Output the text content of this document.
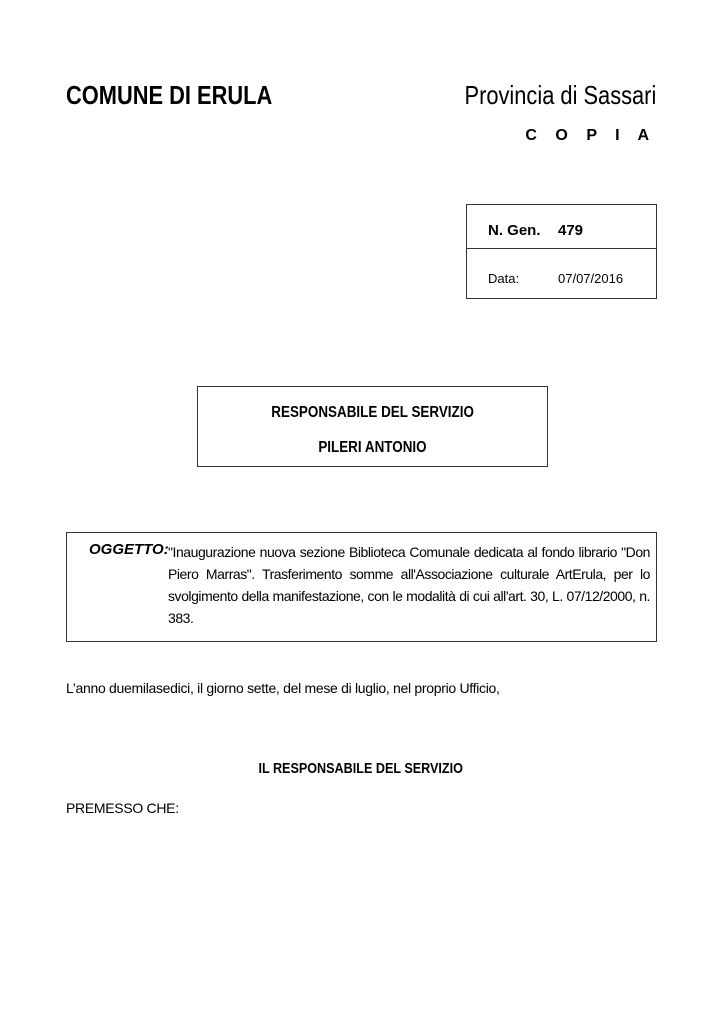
COMUNE DI ERULA	Provincia di Sassari
C O P I A
N. Gen. 479
Data:	07/07/2016
RESPONSABILE DEL SERVIZIO
PILERI ANTONIO
OGGETTO: "Inaugurazione nuova sezione Biblioteca Comunale dedicata al fondo librario "Don Piero Marras". Trasferimento somme all'Associazione culturale ArtErula, per lo svolgimento della manifestazione, con le modalità di cui all'art. 30, L. 07/12/2000, n. 383.
L’anno duemilasedici, il giorno sette, del mese di luglio, nel proprio Ufficio,
IL RESPONSABILE DEL SERVIZIO
PREMESSO CHE:
